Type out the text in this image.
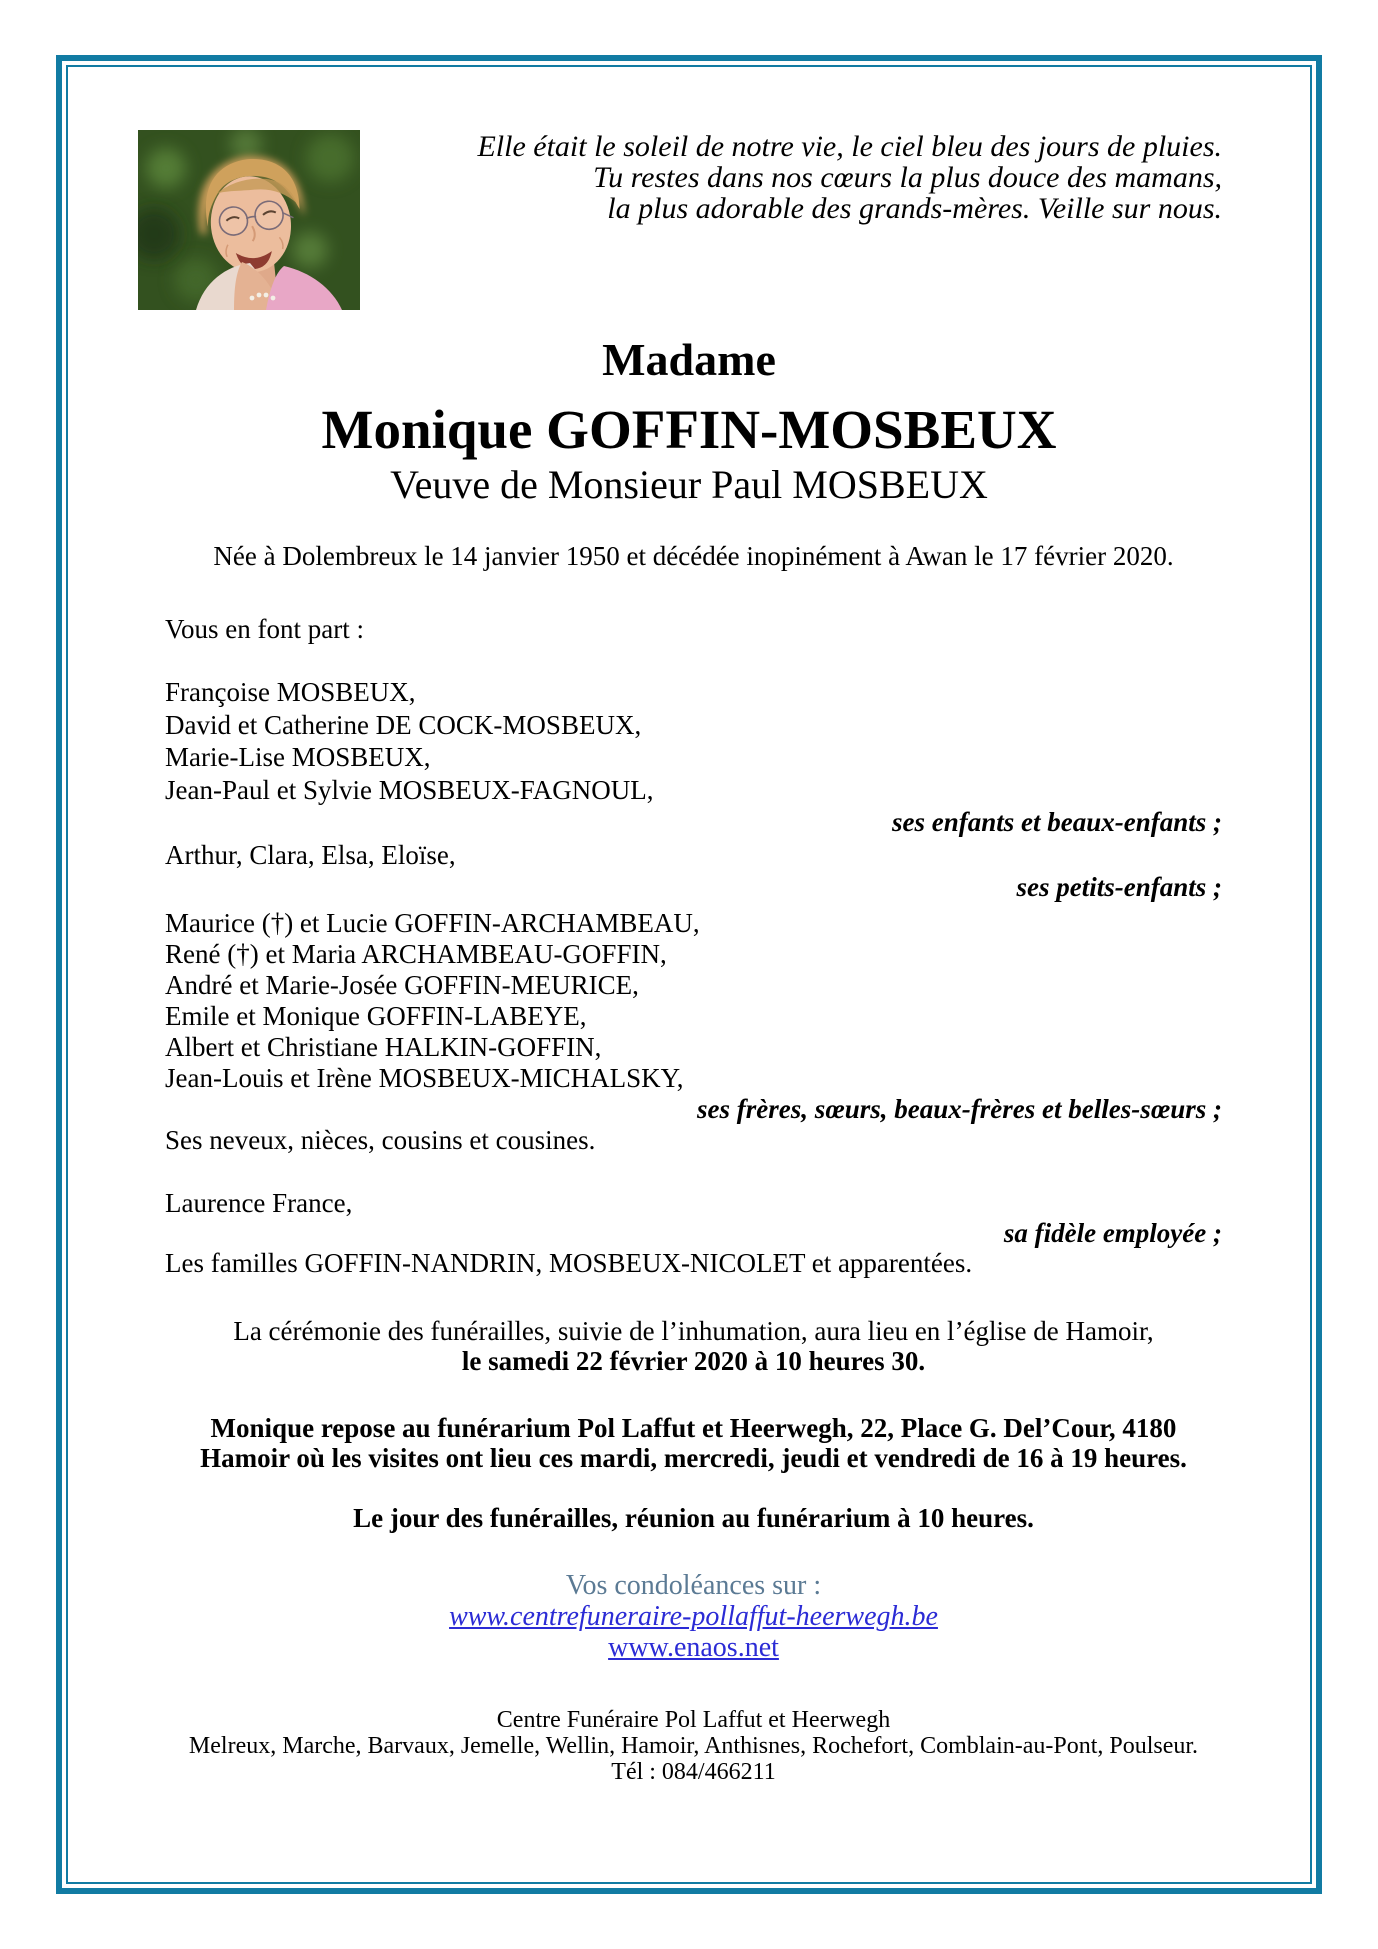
Elle était le soleil de notre vie, le ciel bleu des jours de pluies.
Tu restes dans nos cœurs la plus douce des mamans,
la plus adorable des grands-mères. Veille sur nous.
Madame
Monique GOFFIN-MOSBEUX
Veuve de Monsieur Paul MOSBEUX
Née à Dolembreux le 14 janvier 1950 et décédée inopinément à Awan le 17 février 2020.
Vous en font part :
Françoise MOSBEUX,
David et Catherine DE COCK-MOSBEUX,
Marie-Lise MOSBEUX,
Jean-Paul et Sylvie MOSBEUX-FAGNOUL,
ses enfants et beaux-enfants ;
Arthur, Clara, Elsa, Eloïse,
ses petits-enfants ;
Maurice (†) et Lucie GOFFIN-ARCHAMBEAU,
René (†) et Maria ARCHAMBEAU-GOFFIN,
André et Marie-Josée GOFFIN-MEURICE,
Emile et Monique GOFFIN-LABEYE,
Albert et Christiane HALKIN-GOFFIN,
Jean-Louis et Irène MOSBEUX-MICHALSKY,
ses frères, sœurs, beaux-frères et belles-sœurs ;
Ses neveux, nièces, cousins et cousines.
Laurence France,
sa fidèle employée ;
Les familles GOFFIN-NANDRIN, MOSBEUX-NICOLET et apparentées.
La cérémonie des funérailles, suivie de l’inhumation, aura lieu en l’église de Hamoir,
le samedi 22 février 2020 à 10 heures 30.
Monique repose au funérarium Pol Laffut et Heerwegh, 22, Place G. Del’Cour, 4180
Hamoir où les visites ont lieu ces mardi, mercredi, jeudi et vendredi de 16 à 19 heures.
Le jour des funérailles, réunion au funérarium à 10 heures.
Vos condoléances sur :
www.centrefuneraire-pollaffut-heerwegh.be
www.enaos.net
Centre Funéraire Pol Laffut et Heerwegh
Melreux, Marche, Barvaux, Jemelle, Wellin, Hamoir, Anthisnes, Rochefort, Comblain-au-Pont, Poulseur.
Tél : 084/466211
